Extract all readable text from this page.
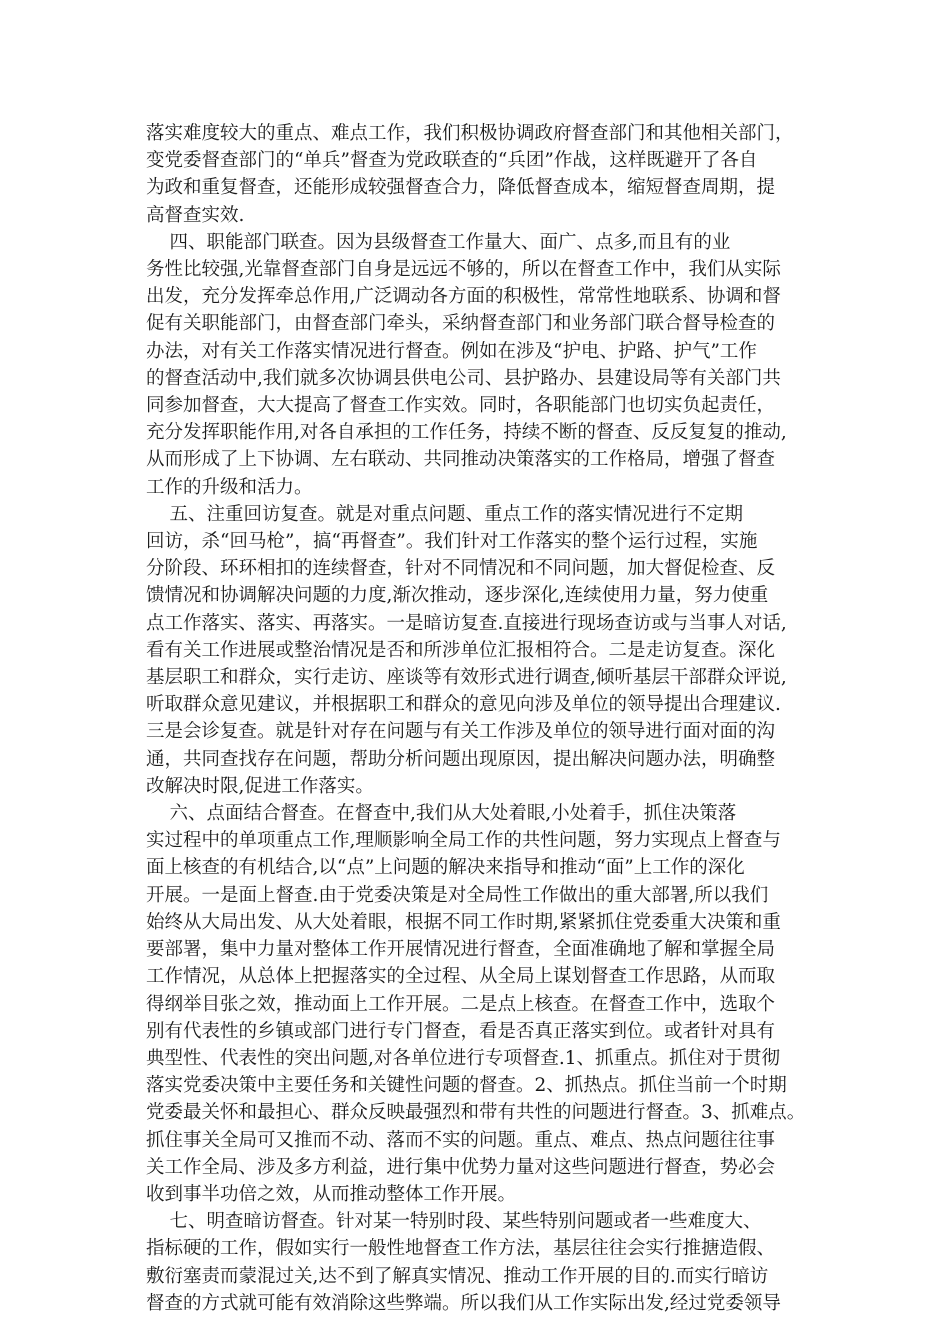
落实难度较大的重点、难点工作，我们积极协调政府督查部门和其他相关部门，
变党委督查部门的“单兵”督查为党政联查的“兵团”作战，这样既避开了各自
为政和重复督查，还能形成较强督查合力，降低督查成本，缩短督查周期，提
高督查实效.
四、职能部门联查。因为县级督查工作量大、面广、点多,而且有的业
务性比较强,光靠督查部门自身是远远不够的，所以在督查工作中，我们从实际
出发，充分发挥牵总作用,广泛调动各方面的积极性，常常性地联系、协调和督
促有关职能部门，由督查部门牵头，采纳督查部门和业务部门联合督导检查的
办法，对有关工作落实情况进行督查。例如在涉及“护电、护路、护气”工作
的督查活动中,我们就多次协调县供电公司、县护路办、县建设局等有关部门共
同参加督查，大大提高了督查工作实效。同时，各职能部门也切实负起责任，
充分发挥职能作用,对各自承担的工作任务，持续不断的督查、反反复复的推动,
从而形成了上下协调、左右联动、共同推动决策落实的工作格局，增强了督查
工作的升级和活力。
五、注重回访复查。就是对重点问题、重点工作的落实情况进行不定期
回访，杀“回马枪”，搞“再督查”。我们针对工作落实的整个运行过程，实施
分阶段、环环相扣的连续督查，针对不同情况和不同问题，加大督促检查、反
馈情况和协调解决问题的力度,渐次推动，逐步深化,连续使用力量，努力使重
点工作落实、落实、再落实。一是暗访复查.直接进行现场查访或与当事人对话,
看有关工作进展或整治情况是否和所涉单位汇报相符合。二是走访复查。深化
基层职工和群众，实行走访、座谈等有效形式进行调查,倾听基层干部群众评说,
听取群众意见建议，并根据职工和群众的意见向涉及单位的领导提出合理建议.
三是会诊复查。就是针对存在问题与有关工作涉及单位的领导进行面对面的沟
通，共同查找存在问题，帮助分析问题出现原因，提出解决问题办法，明确整
改解决时限,促进工作落实。
六、点面结合督查。在督查中,我们从大处着眼,小处着手，抓住决策落
实过程中的单项重点工作,理顺影响全局工作的共性问题，努力实现点上督查与
面上核查的有机结合,以“点”上问题的解决来指导和推动“面”上工作的深化
开展。一是面上督查.由于党委决策是对全局性工作做出的重大部署,所以我们
始终从大局出发、从大处着眼，根据不同工作时期,紧紧抓住党委重大决策和重
要部署，集中力量对整体工作开展情况进行督查，全面准确地了解和掌握全局
工作情况，从总体上把握落实的全过程、从全局上谋划督查工作思路，从而取
得纲举目张之效，推动面上工作开展。二是点上核查。在督查工作中，选取个
别有代表性的乡镇或部门进行专门督查，看是否真正落实到位。或者针对具有
典型性、代表性的突出问题,对各单位进行专项督查.1、抓重点。抓住对于贯彻
落实党委决策中主要任务和关键性问题的督查。2、抓热点。抓住当前一个时期
党委最关怀和最担心、群众反映最强烈和带有共性的问题进行督查。3、抓难点。
抓住事关全局可又推而不动、落而不实的问题。重点、难点、热点问题往往事
关工作全局、涉及多方利益，进行集中优势力量对这些问题进行督查，势必会
收到事半功倍之效，从而推动整体工作开展。
七、明查暗访督查。针对某一特别时段、某些特别问题或者一些难度大、
指标硬的工作，假如实行一般性地督查工作方法，基层往往会实行推搪造假、
敷衍塞责而蒙混过关,达不到了解真实情况、推动工作开展的目的.而实行暗访
督查的方式就可能有效消除这些弊端。所以我们从工作实际出发,经过党委领导
